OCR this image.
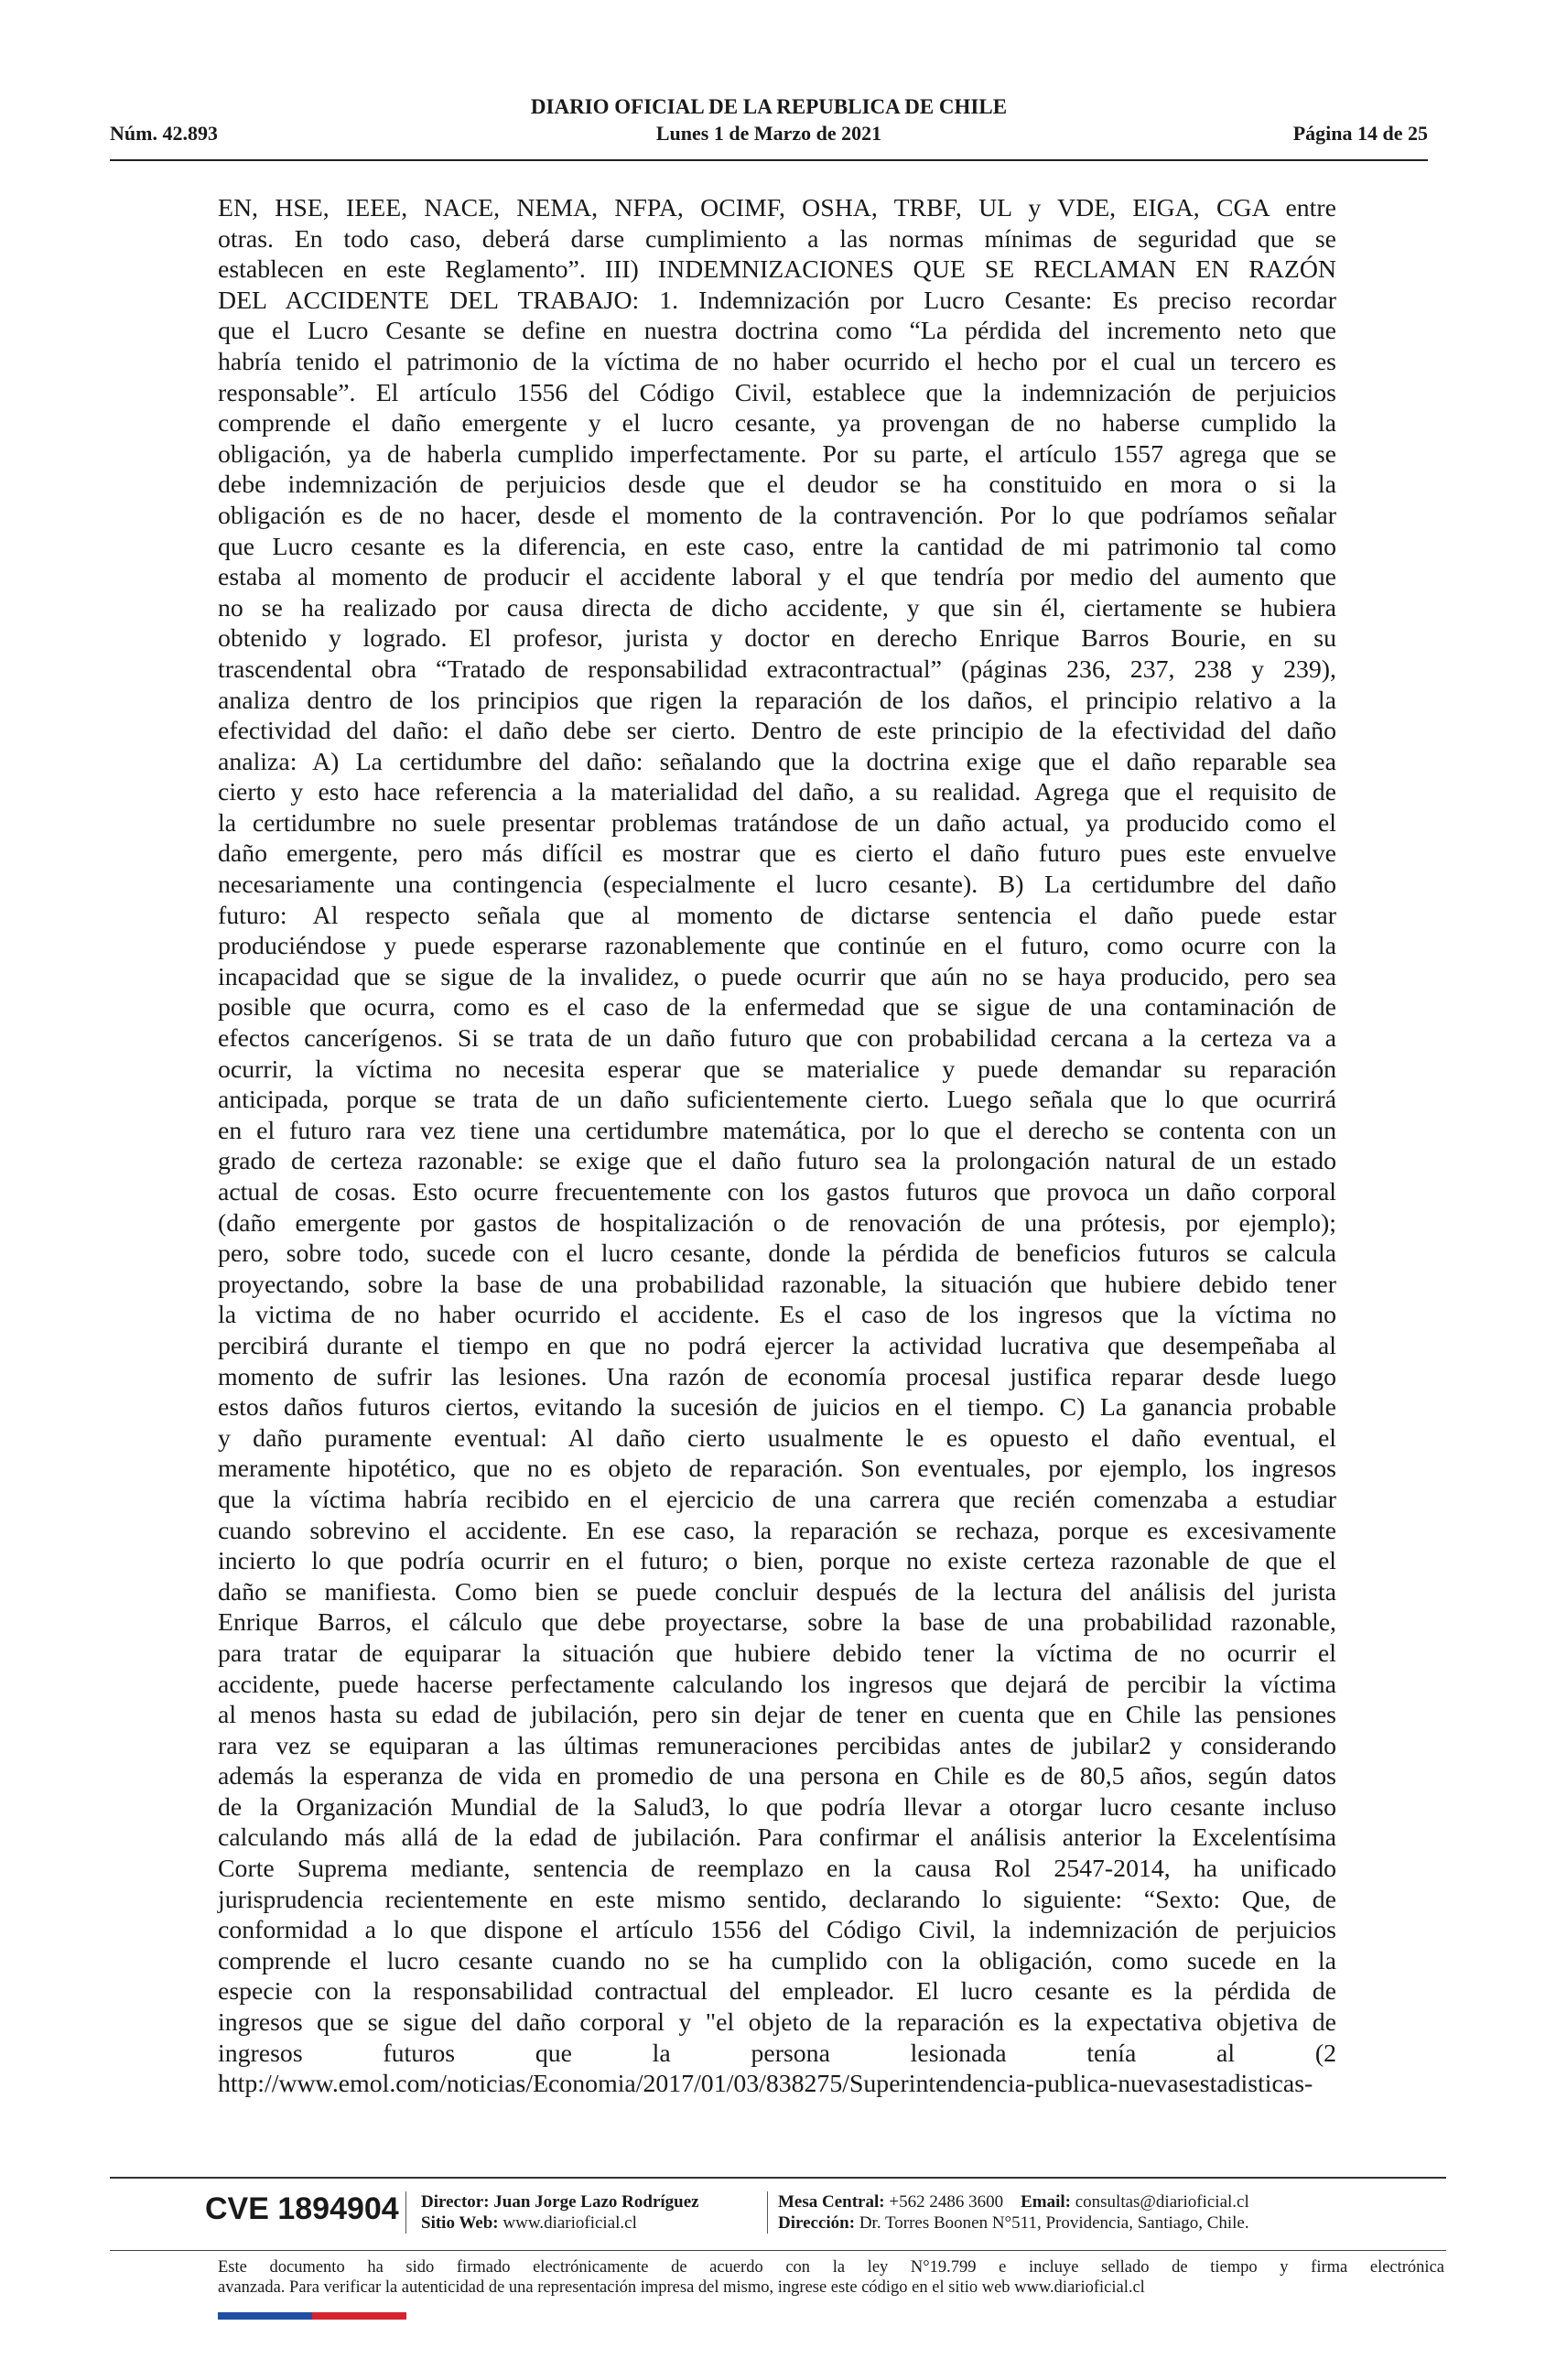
DIARIO OFICIAL DE LA REPUBLICA DE CHILE
Núm. 42.893	Lunes 1 de Marzo de 2021	Página 14 de 25
EN, HSE, IEEE, NACE, NEMA, NFPA, OCIMF, OSHA, TRBF, UL y VDE, EIGA, CGA entre
otras. En todo caso, deberá darse cumplimiento a las normas mínimas de seguridad que se
establecen en este Reglamento”. III) INDEMNIZACIONES QUE SE RECLAMAN EN RAZÓN
DEL ACCIDENTE DEL TRABAJO: 1. Indemnización por Lucro Cesante: Es preciso recordar
que el Lucro Cesante se define en nuestra doctrina como “La pérdida del incremento neto que
habría tenido el patrimonio de la víctima de no haber ocurrido el hecho por el cual un tercero es
responsable”. El artículo 1556 del Código Civil, establece que la indemnización de perjuicios
comprende el daño emergente y el lucro cesante, ya provengan de no haberse cumplido la
obligación, ya de haberla cumplido imperfectamente. Por su parte, el artículo 1557 agrega que se
debe indemnización de perjuicios desde que el deudor se ha constituido en mora o si la
obligación es de no hacer, desde el momento de la contravención. Por lo que podríamos señalar
que Lucro cesante es la diferencia, en este caso, entre la cantidad de mi patrimonio tal como
estaba al momento de producir el accidente laboral y el que tendría por medio del aumento que
no se ha realizado por causa directa de dicho accidente, y que sin él, ciertamente se hubiera
obtenido y logrado. El profesor, jurista y doctor en derecho Enrique Barros Bourie, en su
trascendental obra “Tratado de responsabilidad extracontractual” (páginas 236, 237, 238 y 239),
analiza dentro de los principios que rigen la reparación de los daños, el principio relativo a la
efectividad del daño: el daño debe ser cierto. Dentro de este principio de la efectividad del daño
analiza: A) La certidumbre del daño: señalando que la doctrina exige que el daño reparable sea
cierto y esto hace referencia a la materialidad del daño, a su realidad. Agrega que el requisito de
la certidumbre no suele presentar problemas tratándose de un daño actual, ya producido como el
daño emergente, pero más difícil es mostrar que es cierto el daño futuro pues este envuelve
necesariamente una contingencia (especialmente el lucro cesante). B) La certidumbre del daño
futuro: Al respecto señala que al momento de dictarse sentencia el daño puede estar
produciéndose y puede esperarse razonablemente que continúe en el futuro, como ocurre con la
incapacidad que se sigue de la invalidez, o puede ocurrir que aún no se haya producido, pero sea
posible que ocurra, como es el caso de la enfermedad que se sigue de una contaminación de
efectos cancerígenos. Si se trata de un daño futuro que con probabilidad cercana a la certeza va a
ocurrir, la víctima no necesita esperar que se materialice y puede demandar su reparación
anticipada, porque se trata de un daño suficientemente cierto. Luego señala que lo que ocurrirá
en el futuro rara vez tiene una certidumbre matemática, por lo que el derecho se contenta con un
grado de certeza razonable: se exige que el daño futuro sea la prolongación natural de un estado
actual de cosas. Esto ocurre frecuentemente con los gastos futuros que provoca un daño corporal
(daño emergente por gastos de hospitalización o de renovación de una prótesis, por ejemplo);
pero, sobre todo, sucede con el lucro cesante, donde la pérdida de beneficios futuros se calcula
proyectando, sobre la base de una probabilidad razonable, la situación que hubiere debido tener
la victima de no haber ocurrido el accidente. Es el caso de los ingresos que la víctima no
percibirá durante el tiempo en que no podrá ejercer la actividad lucrativa que desempeñaba al
momento de sufrir las lesiones. Una razón de economía procesal justifica reparar desde luego
estos daños futuros ciertos, evitando la sucesión de juicios en el tiempo. C) La ganancia probable
y daño puramente eventual: Al daño cierto usualmente le es opuesto el daño eventual, el
meramente hipotético, que no es objeto de reparación. Son eventuales, por ejemplo, los ingresos
que la víctima habría recibido en el ejercicio de una carrera que recién comenzaba a estudiar
cuando sobrevino el accidente. En ese caso, la reparación se rechaza, porque es excesivamente
incierto lo que podría ocurrir en el futuro; o bien, porque no existe certeza razonable de que el
daño se manifiesta. Como bien se puede concluir después de la lectura del análisis del jurista
Enrique Barros, el cálculo que debe proyectarse, sobre la base de una probabilidad razonable,
para tratar de equiparar la situación que hubiere debido tener la víctima de no ocurrir el
accidente, puede hacerse perfectamente calculando los ingresos que dejará de percibir la víctima
al menos hasta su edad de jubilación, pero sin dejar de tener en cuenta que en Chile las pensiones
rara vez se equiparan a las últimas remuneraciones percibidas antes de jubilar2 y considerando
además la esperanza de vida en promedio de una persona en Chile es de 80,5 años, según datos
de la Organización Mundial de la Salud3, lo que podría llevar a otorgar lucro cesante incluso
calculando más allá de la edad de jubilación. Para confirmar el análisis anterior la Excelentísima
Corte Suprema mediante, sentencia de reemplazo en la causa Rol 2547-2014, ha unificado
jurisprudencia recientemente en este mismo sentido, declarando lo siguiente: “Sexto: Que, de
conformidad a lo que dispone el artículo 1556 del Código Civil, la indemnización de perjuicios
comprende el lucro cesante cuando no se ha cumplido con la obligación, como sucede en la
especie con la responsabilidad contractual del empleador. El lucro cesante es la pérdida de
ingresos que se sigue del daño corporal y "el objeto de la reparación es la expectativa objetiva de
ingresos futuros que la persona lesionada tenía al (2
http://www.emol.com/noticias/Economia/2017/01/03/838275/Superintendencia-publica-nuevasestadisticas-
CVE 1894904 Director: Juan Jorge Lazo Rodríguez
Sitio Web: www.diarioficial.cl
Mesa Central: +562 2486 3600 Email: consultas@diarioficial.cl
Dirección: Dr. Torres Boonen N°511, Providencia, Santiago, Chile.
Este documento ha sido firmado electrónicamente de acuerdo con la ley N°19.799 e incluye sellado de tiempo y firma electrónica
avanzada. Para verificar la autenticidad de una representación impresa del mismo, ingrese este código en el sitio web www.diarioficial.cl
